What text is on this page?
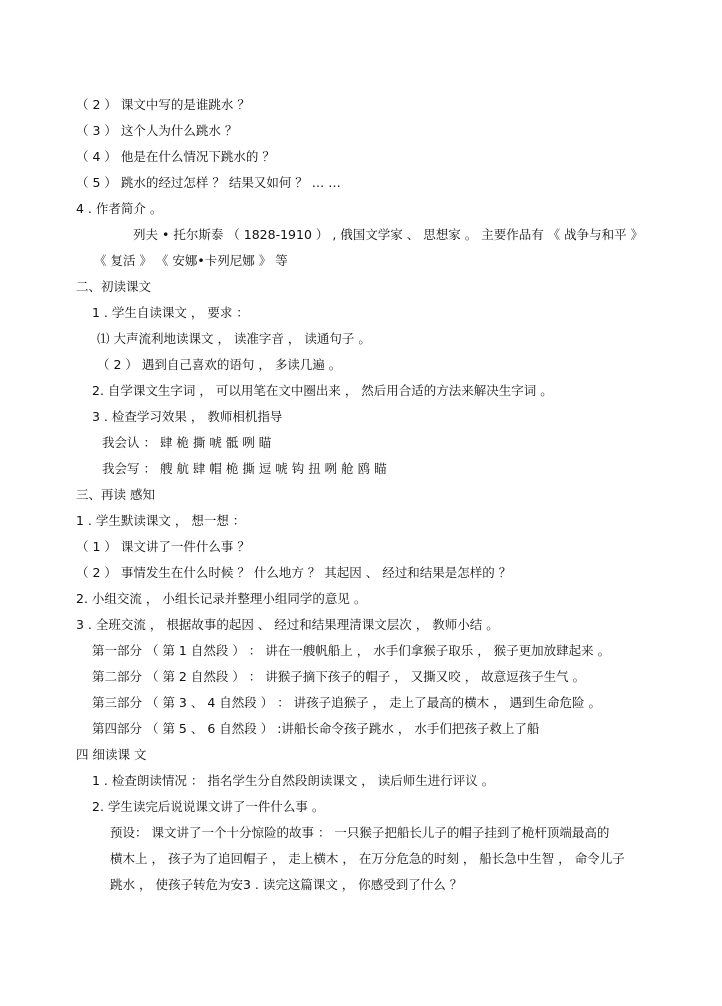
（ 2 ） 课文中写的是谁跳水 ？
（ 3 ） 这个人为什么跳水 ？
（ 4 ） 他是在什么情况下跳水的 ？
（ 5 ） 跳水的经过怎样 ？ 结果又如何 ？ … …
4 . 作者简介 。
列夫 • 托尔斯泰 （ 1828-1910 ） , 俄国文学家 、 思想家 。 主要作品有 《 战争与和平 》
《 复活 》 《 安娜•卡列尼娜 》 等
二、初读课文
1 . 学生自读课文 ， 要求 ：
⑴ 大声流利地读课文 ， 读准字音 ， 读通句子 。
（ 2 ） 遇到自己喜欢的语句 ， 多读几遍 。
2. 自学课文生字词 ， 可以用笔在文中圈出来 ， 然后用合适的方法来解决生字词 。
3 . 检查学习效果 ， 教师相机指导
我会认 ： 肆 桅 撕 唬 骶 咧 瞄
我会写 ： 艘 航 肆 帽 桅 撕 逗 唬 钩 扭 咧 舱 鸥 瞄
三、再读 感知
1 . 学生默读课文 ， 想一想 ：
（ 1 ） 课文讲了一件什么事 ？
（ 2 ） 事情发生在什么时候 ？ 什么地方 ？ 其起因 、 经过和结果是怎样的 ？
2. 小组交流 ， 小组长记录并整理小组同学的意见 。
3 . 全班交流 ， 根据故事的起因 、 经过和结果理清课文层次 ， 教师小结 。
第一部分 （ 第 1 自然段 ） ： 讲在一艘帆船上 ， 水手们拿猴子取乐 ， 猴子更加放肆起来 。
第二部分 （ 第 2 自然段 ） ： 讲猴子摘下孩子的帽子 ， 又撕又咬 ， 故意逗孩子生气 。
第三部分 （ 第 3 、 4 自然段 ） ： 讲孩子追猴子 ， 走上了最高的横木 ， 遇到生命危险 。
第四部分 （ 第 5 、 6 自然段 ） :讲船长命令孩子跳水 ， 水手们把孩子救上了船
四 细读课 文
1 . 检查朗读情况 ： 指名学生分自然段朗读课文 ， 读后师生进行评议 。
2. 学生读完后说说课文讲了一件什么事 。
预设： 课文讲了一个十分惊险的故事 ： 一只猴子把船长儿子的帽子挂到了桅杆顶端最高的
横木上 ， 孩子为了追回帽子 ， 走上横木 ， 在万分危急的时刻 ， 船长急中生智 ， 命令儿子
跳水 ， 使孩子转危为安3 . 读完这篇课文 ， 你感受到了什么 ？
